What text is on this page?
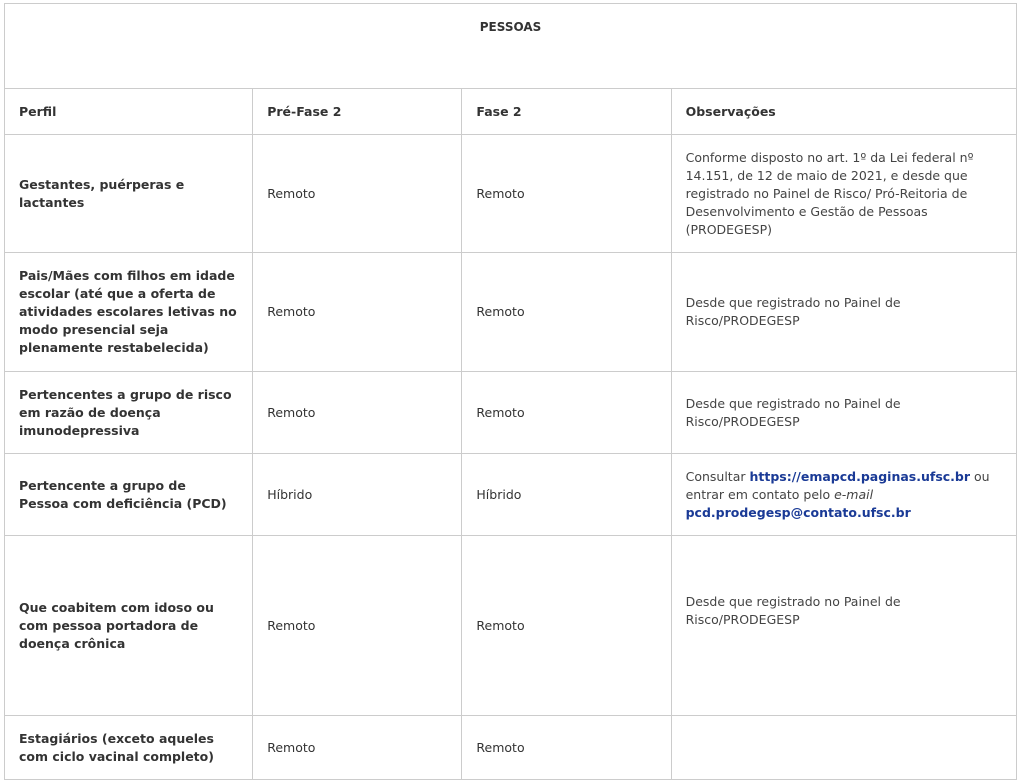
PESSOAS			
Perfil	Pré-Fase 2	Fase 2	Observações
Gestantes, puérperas e lactantes	Remoto	Remoto	Conforme disposto no art. 1º da Lei federal nº 14.151, de 12 de maio de 2021, e desde que registrado no Painel de Risco/ Pró-Reitoria de Desenvolvimento e Gestão de Pessoas (PRODEGESP)
Pais/Mães com filhos em idade escolar (até que a oferta de atividades escolares letivas no modo presencial seja plenamente restabelecida)	Remoto	Remoto	Desde que registrado no Painel de Risco/PRODEGESP
Pertencentes a grupo de risco em razão de doença imunodepressiva	Remoto	Remoto	Desde que registrado no Painel de Risco/PRODEGESP
Pertencente a grupo de Pessoa com deficiência (PCD)	Híbrido	Híbrido	Consultar https://emapcd.paginas.ufsc.br ou entrar em contato pelo e-mail
pcd.prodegesp@contato.ufsc.br
Que coabitem com idoso ou com pessoa portadora de doença crônica	Remoto	Remoto	Desde que registrado no Painel de Risco/PRODEGESP
Estagiários (exceto aqueles com ciclo vacinal completo)	Remoto	Remoto	
